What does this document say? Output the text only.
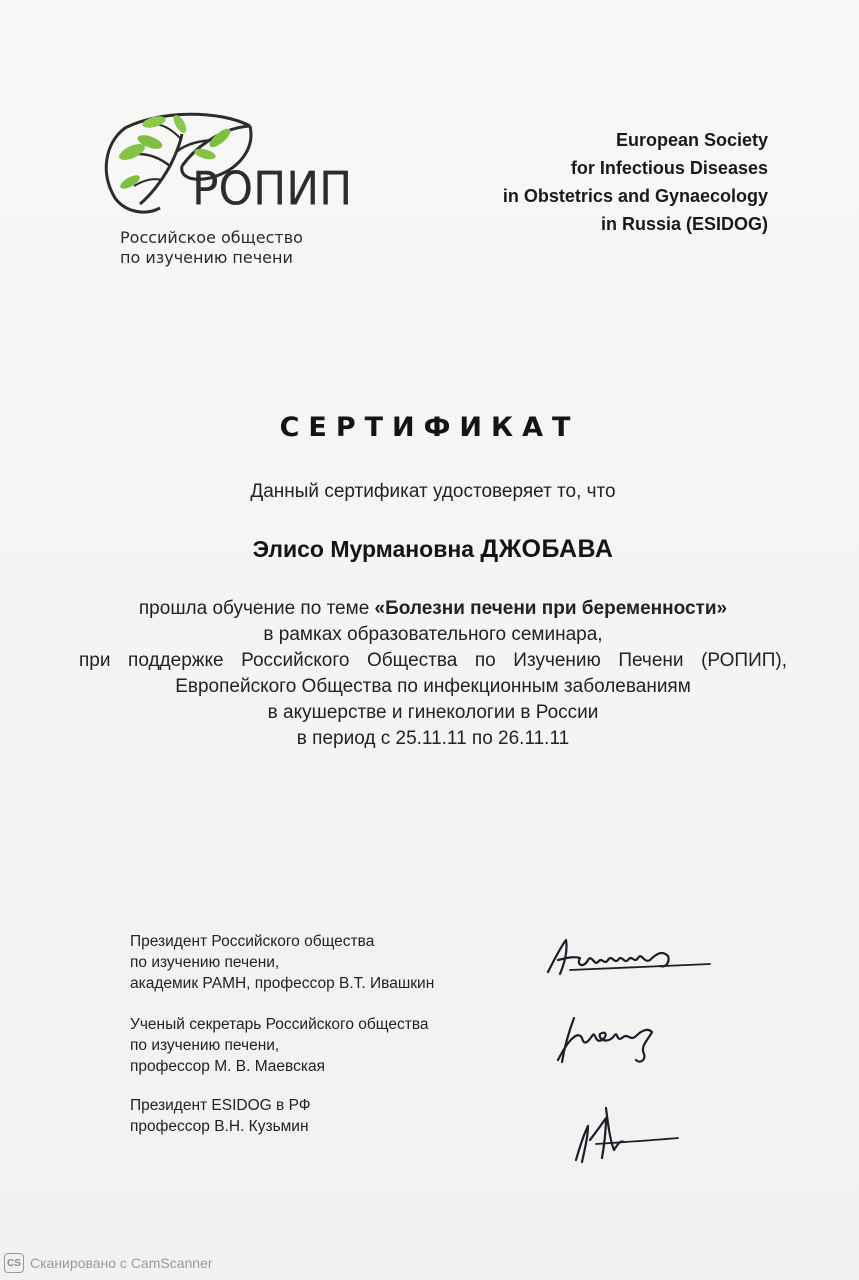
РОПИП
Российское общество
по изучению печени
European Society
for Infectious Diseases
in Obstetrics and Gynaecology
in Russia (ESIDOG)
СЕРТИФИКАТ
Данный сертификат удостоверяет то, что
Элисо Мурмановна ДЖОБАВА
прошла обучение по теме «Болезни печени при беременности»
в рамках образовательного семинара,
при поддержке Российского Общества по Изучению Печени (РОПИП),
Европейского Общества по инфекционным заболеваниям
в акушерстве и гинекологии в России
в период с 25.11.11 по 26.11.11
Президент Российского общества
по изучению печени,
академик РАМН, профессор В.Т. Ивашкин
Ученый секретарь Российского общества
по изучению печени,
профессор М. В. Маевская
Президент ESIDOG в РФ
профессор В.Н. Кузьмин
CS Сканировано с CamScanner
